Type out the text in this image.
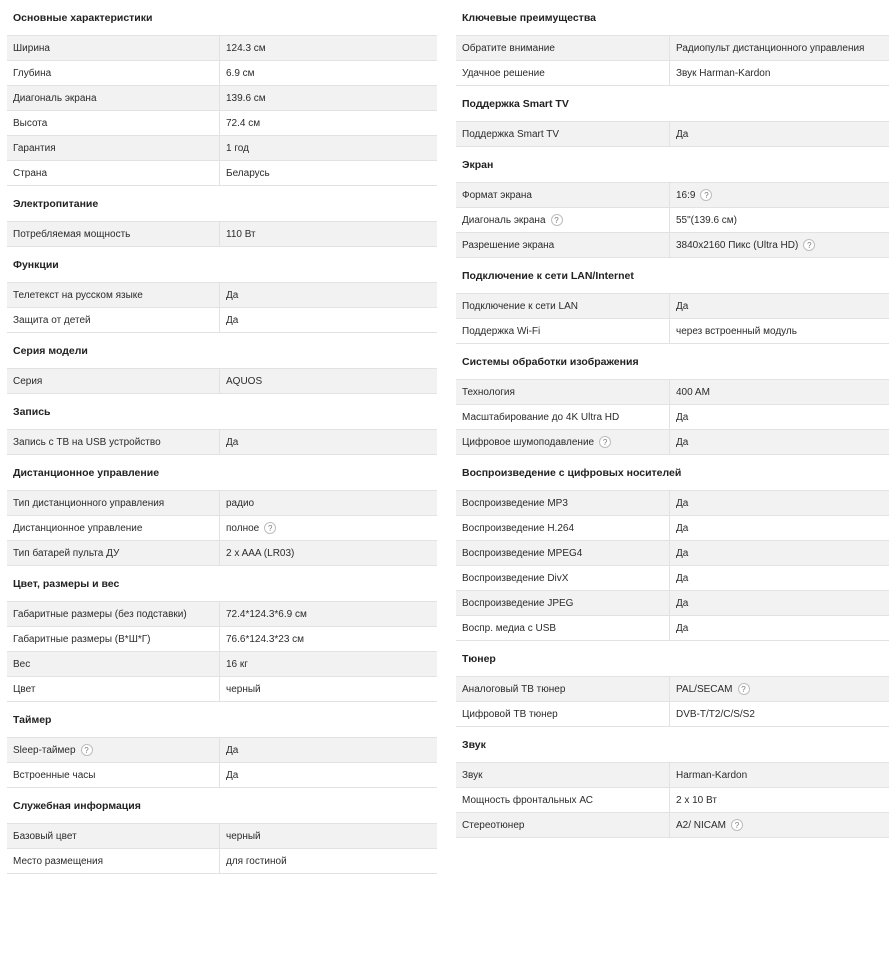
Основные характеристики
Ширина	124.3 см
Глубина	6.9 см
Диагональ экрана	139.6 см
Высота	72.4 см
Гарантия	1 год
Страна	Беларусь
Электропитание
Потребляемая мощность	110 Вт
Функции
Телетекст на русском языке	Да
Защита от детей	Да
Серия модели
Серия	AQUOS
Запись
Запись с ТВ на USB устройство	Да
Дистанционное управление
Тип дистанционного управления	радио
Дистанционное управление	полное ?
Тип батарей пульта ДУ	2 x AAA (LR03)
Цвет, размеры и вес
Габаритные размеры (без подставки)	72.4*124.3*6.9 см
Габаритные размеры (В*Ш*Г)	76.6*124.3*23 см
Вес	16 кг
Цвет	черный
Таймер
Sleep-таймер ?	Да
Встроенные часы	Да
Служебная информация
Базовый цвет	черный
Место размещения	для гостиной
Ключевые преимущества
Обратите внимание	Радиопульт дистанционного управления
Удачное решение	Звук Harman-Kardon
Поддержка Smart TV
Поддержка Smart TV	Да
Экран
Формат экрана	16:9 ?
Диагональ экрана ?	55"(139.6 см)
Разрешение экрана	3840x2160 Пикс (Ultra HD) ?
Подключение к сети LAN/Internet
Подключение к сети LAN	Да
Поддержка Wi-Fi	через встроенный модуль
Системы обработки изображения
Технология	400 AM
Масштабирование до 4K Ultra HD	Да
Цифровое шумоподавление ?	Да
Воспроизведение с цифровых носителей
Воспроизведение MP3	Да
Воспроизведение H.264	Да
Воспроизведение MPEG4	Да
Воспроизведение DivX	Да
Воспроизведение JPEG	Да
Воспр. медиа с USB	Да
Тюнер
Аналоговый ТВ тюнер	PAL/SECAM ?
Цифровой ТВ тюнер	DVB-T/T2/C/S/S2
Звук
Звук	Harman-Kardon
Мощность фронтальных АС	2 x 10 Вт
Стереотюнер	A2/ NICAM ?
